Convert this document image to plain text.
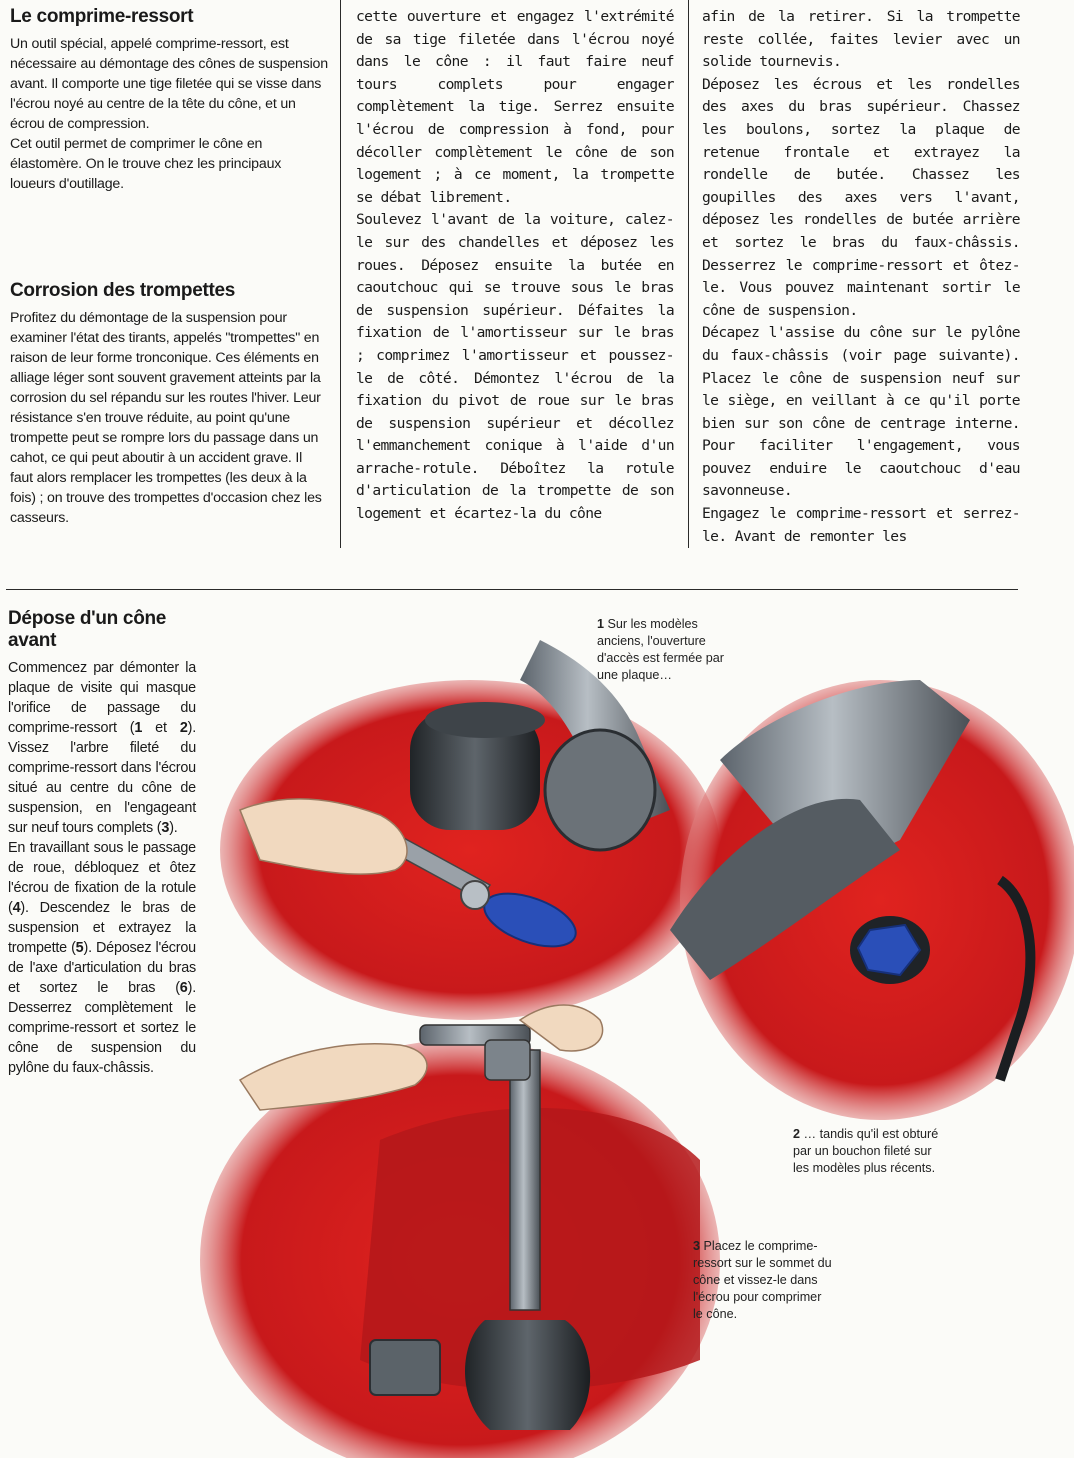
Le comprime-ressort

Un outil spécial, appelé comprime-ressort, est nécessaire au démontage des cônes de suspension avant. Il comporte une tige filetée qui se visse dans l'écrou noyé au centre de la tête du cône, et un écrou de compression.

Cet outil permet de comprimer le cône en élastomère. On le trouve chez les principaux loueurs d'outillage.

Corrosion des trompettes

Profitez du démontage de la suspension pour examiner l'état des tirants, appelés "trompettes" en raison de leur forme tronconique. Ces éléments en alliage léger sont souvent gravement atteints par la corrosion du sel répandu sur les routes l'hiver. Leur résistance s'en trouve réduite, au point qu'une trompette peut se rompre lors du passage dans un cahot, ce qui peut aboutir à un accident grave. Il faut alors remplacer les trompettes (les deux à la fois) ; on trouve des trompettes d'occasion chez les casseurs.

cette ouverture et engagez l'extrémité de sa tige filetée dans l'écrou noyé dans le cône : il faut faire neuf tours complets pour engager complètement la tige. Serrez ensuite l'écrou de compression à fond, pour décoller complètement le cône de son logement ; à ce moment, la trompette se débat librement.

Soulevez l'avant de la voiture, calez-le sur des chandelles et déposez les roues. Déposez ensuite la butée en caoutchouc qui se trouve sous le bras de suspension supérieur. Défaites la fixation de l'amortisseur sur le bras ; comprimez l'amortisseur et poussez-le de côté. Démontez l'écrou de la fixation du pivot de roue sur le bras de suspension supérieur et décollez l'emmanchement conique à l'aide d'un arrache-rotule. Déboîtez la rotule d'articulation de la trompette de son logement et écartez-la du cône

afin de la retirer. Si la trompette reste collée, faites levier avec un solide tournevis.

Déposez les écrous et les rondelles des axes du bras supérieur. Chassez les boulons, sortez la plaque de retenue frontale et extrayez la rondelle de butée. Chassez les goupilles des axes vers l'avant, déposez les rondelles de butée arrière et sortez le bras du faux-châssis. Desserrez le comprime-ressort et ôtez-le. Vous pouvez maintenant sortir le cône de suspension.

Décapez l'assise du cône sur le pylône du faux-châssis (voir page suivante). Placez le cône de suspension neuf sur le siège, en veillant à ce qu'il porte bien sur son cône de centrage interne. Pour faciliter l'engagement, vous pouvez enduire le caoutchouc d'eau savonneuse.

Engagez le comprime-ressort et serrez-le. Avant de remonter les

Dépose d'un cône avant

Commencez par démonter la plaque de visite qui masque l'orifice de passage du comprime-ressort (1 et 2). Vissez l'arbre fileté du comprime-ressort dans l'écrou situé au centre du cône de suspension, en l'engageant sur neuf tours complets (3).

En travaillant sous le passage de roue, débloquez et ôtez l'écrou de fixation de la rotule (4). Descendez le bras de suspension et extrayez la trompette (5). Déposez l'écrou de l'axe d'articulation du bras et sortez le bras (6). Desserrez complètement le comprime-ressort et sortez le cône de suspension du pylône du faux-châssis.

1 Sur les modèles anciens, l'ouverture d'accès est fermée par une plaque…
2 … tandis qu'il est obturé par un bouchon fileté sur les modèles plus récents.
3 Placez le comprime-ressort sur le sommet du cône et vissez-le dans l'écrou pour comprimer le cône.
